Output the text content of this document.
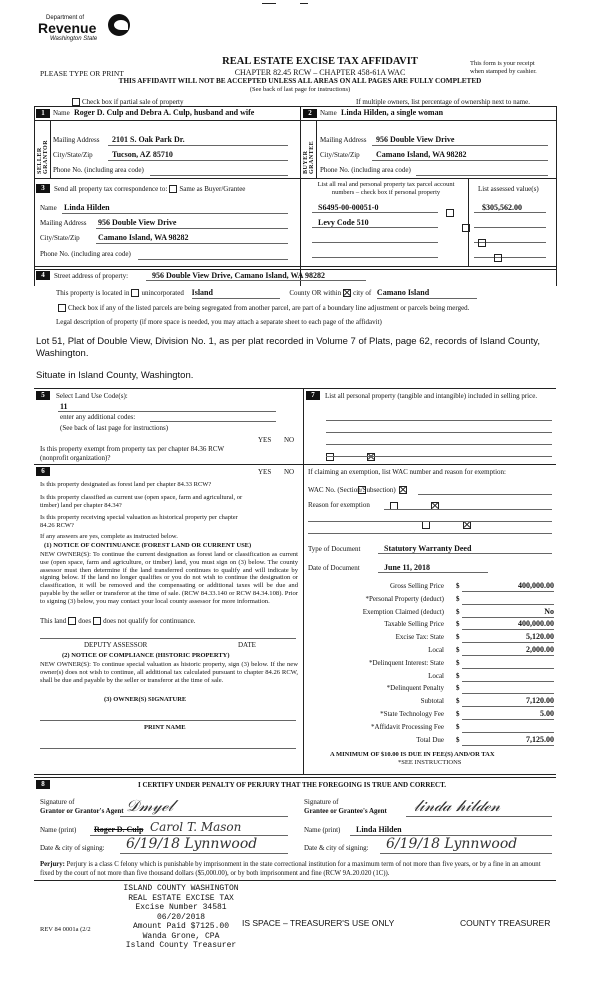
Department of
Revenue
Washington State
REAL ESTATE EXCISE TAX AFFIDAVIT
CHAPTER 82.45 RCW – CHAPTER 458-61A WAC
PLEASE TYPE OR PRINT
This form is your receipt
when stamped by cashier.
THIS AFFIDAVIT WILL NOT BE ACCEPTED UNLESS ALL AREAS ON ALL PAGES ARE FULLY COMPLETED
(See back of last page for instructions)
Check box if partial sale of property	If multiple owners, list percentage of ownership next to name.
1	Name Roger D. Culp and Debra A. Culp, husband and wife
SELLER GRANTOR Mailing Address 2101 S. Oak Park Dr.
City/State/Zip Tucson, AZ 85710
Phone No. (including area code)
2	Name Linda Hilden, a single woman
BUYER GRANTEE
Mailing Address 956 Double View Drive
City/State/Zip Camano Island, WA 98282
Phone No. (including area code)
3	Send all property tax correspondence to: Same as Buyer/Grantee
Name Linda Hilden
Mailing Address 956 Double View Drive
City/State/Zip Camano Island, WA 98282
Phone No. (including area code)
List all real and personal property tax parcel account
numbers – check box if personal property	List assessed value(s)
S6495-00-00051-0	$305,562.00
Levy Code 510

4	Street address of property:	956 Double View Drive, Camano Island, WA 98282
This property is located in unincorporated Island	County OR within city of Camano Island
Check box if any of the listed parcels are being segregated from another parcel, are part of a boundary line adjustment or parcels being merged.
Legal description of property (if more space is needed, you may attach a separate sheet to each page of the affidavit)
Lot 51, Plat of Double View, Division No. 1, as per plat recorded in Volume 7 of Plats, page 62, records of Island County, Washington.
Situate in Island County, Washington.
5	Select Land Use Code(s):
11
enter any additional codes:
(See back of last page for instructions)
YES NO
Is this property exempt from property tax per chapter 84.36 RCW (nonprofit organization)?

7	List all personal property (tangible and intangible) included in selling price.
6	YES NO
Is this property designated as forest land per chapter 84.33 RCW?

Is this property classified as current use (open space, farm and agricultural, or timber) land per chapter 84.34?

Is this property receiving special valuation as historical property per chapter 84.26 RCW?

If any answers are yes, complete as instructed below.
(1) NOTICE OF CONTINUANCE (FOREST LAND OR CURRENT USE)
NEW OWNER(S): To continue the current designation as forest land or classification as current use (open space, farm and agriculture, or timber) land, you must sign on (3) below. The county assessor must then determine if the land transferred continues to qualify and will indicate by signing below. If the land no longer qualifies or you do not wish to continue the designation or classification, it will be removed and the compensating or additional taxes will be due and payable by the seller or transferor at the time of sale. (RCW 84.33.140 or RCW 84.34.108). Prior to signing (3) below, you may contact your local county assessor for more information.
This land does does not qualify for continuance.
DEPUTY ASSESSOR	DATE
(2) NOTICE OF COMPLIANCE (HISTORIC PROPERTY)
NEW OWNER(S): To continue special valuation as historic property, sign (3) below. If the new owner(s) does not wish to continue, all additional tax calculated pursuant to chapter 84.26 RCW, shall be due and payable by the seller or transferor at the time of sale.
(3) OWNER(S) SIGNATURE
PRINT NAME
If claiming an exemption, list WAC number and reason for exemption:
WAC No. (Section/Subsection)
Reason for exemption
Type of Document	Statutory Warranty Deed
Date of Document	June 11, 2018
Gross Selling Price $	400,000.00
*Personal Property (deduct) $
Exemption Claimed (deduct) $	No
Taxable Selling Price $	400,000.00
Excise Tax: State $	5,120.00
Local $	2,000.00
*Delinquent Interest: State $
Local $
*Delinquent Penalty $
Subtotal $	7,120.00
*State Technology Fee $	5.00
*Affidavit Processing Fee $
Total Due $	7,125.00
A MINIMUM OF $10.00 IS DUE IN FEE(S) AND/OR TAX
*SEE INSTRUCTIONS
8	I CERTIFY UNDER PENALTY OF PERJURY THAT THE FOREGOING IS TRUE AND CORRECT.
Signature of
Grantor or Grantor's Agent 𝒟𝓂𝓎ℯ𝓁	Signature of
Grantee or Grantee's Agent 𝓁𝒾𝓃𝒹𝒶 𝒽𝒾𝓁𝒹ℯ𝓃
Name (print) Roger D. Culp Carol T. Mason	Name (print) Linda Hilden
Date & city of signing: 6/19/18 Lynnwood	Date & city of signing: 6/19/18 Lynnwood
Perjury: Perjury is a class C felony which is punishable by imprisonment in the state correctional institution for a maximum term of not more than five years, or by a fine in an amount fixed by the court of not more than five thousand dollars ($5,000.00), or by both imprisonment and fine (RCW 9A.20.020 (1C)).
ISLAND COUNTY WASHINGTON
REAL ESTATE EXCISE TAX
Excise Number 34581
06/20/2018
Amount Paid $7125.00
Wanda Grone, CPA
Island County Treasurer
REV 84 0001a (2/2
IS SPACE – TREASURER'S USE ONLY	COUNTY TREASURER
